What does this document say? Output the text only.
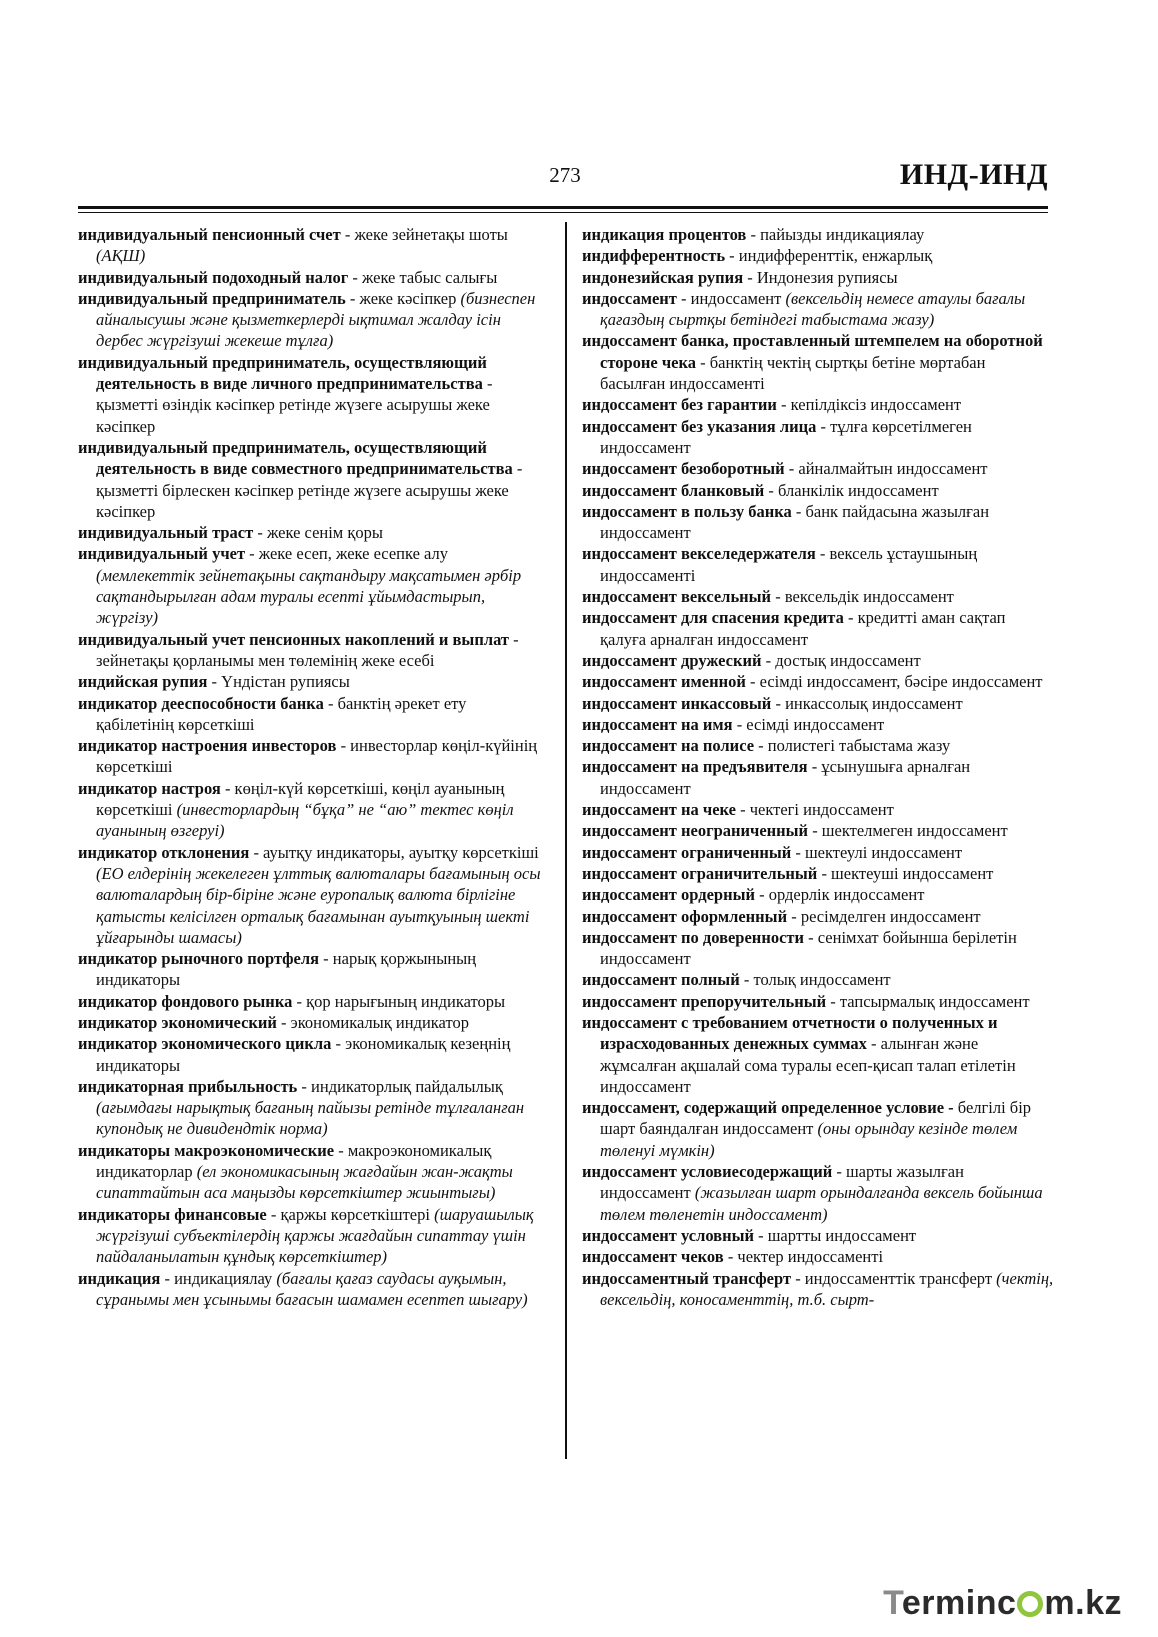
273	ИНД-ИНД

индивидуальный пенсионный счет - жеке зейнетақы шоты (АҚШ)

индивидуальный подоходный налог - жеке табыс салығы

индивидуальный предприниматель - жеке кәсіпкер (бизнеспен айналысушы және қызметкерлерді ықтимал жалдау ісін дербес жүргізуші жекеше тұлға)

индивидуальный предприниматель, осуществляющий деятельность в виде личного предпринимательства - қызметті өзіндік кәсіпкер ретінде жүзеге асырушы жеке кәсіпкер

индивидуальный предприниматель, осуществляющий деятельность в виде совместного предпринимательства - қызметті бірлескен кәсіпкер ретінде жүзеге асырушы жеке кәсіпкер

индивидуальный траст - жеке сенім қоры

индивидуальный учет - жеке есеп, жеке есепке алу (мемлекеттік зейнетақыны сақтандыру мақсатымен әрбір сақтандырылған адам туралы есепті ұйымдастырып, жүргізу)

индивидуальный учет пенсионных накоплений и выплат - зейнетақы қорланымы мен төлемінің жеке есебі

индийская рупия - Үндістан рупиясы

индикатор дееспособности банка - банктің әрекет ету қабілетінің көрсеткіші

индикатор настроения инвесторов - инвесторлар көңіл-күйінің көрсеткіші

индикатор настроя - көңіл-күй көрсеткіші, көңіл ауанының көрсеткіші (инвесторлардың “бұқа” не “аю” тектес көңіл ауанының өзгеруі)

индикатор отклонения - ауытқу индикаторы, ауытқу көрсеткіші (ЕО елдерінің жекелеген ұлттық валюталары бағамының осы валюталардың бір-біріне және еуропалық валюта бірлігіне қатысты келісілген орталық бағамынан ауытқуының шекті ұйғарынды шамасы)

индикатор рыночного портфеля - нарық қоржынының индикаторы

индикатор фондового рынка - қор нарығының индикаторы

индикатор экономический - экономикалық индикатор

индикатор экономического цикла - экономикалық кезеңнің индикаторы

индикаторная прибыльность - индикаторлық пайдалылық (ағымдағы нарықтық бағаның пайызы ретінде тұлғаланған купондық не дивидендтік норма)

индикаторы макроэкономические - макроэкономикалық индикаторлар (ел экономикасының жағдайын жан-жақты сипаттайтын аса маңызды көрсеткіштер жиынтығы)

индикаторы финансовые - қаржы көрсеткіштері (шаруашылық жүргізуші субъектілердің қаржы жағдайын сипаттау үшін пайдаланылатын құндық көрсеткіштер)

индикация - индикациялау (бағалы қағаз саудасы ауқымын, сұранымы мен ұсынымы бағасын шамамен есептеп шығару)

индикация процентов - пайызды индикациялау

индифферентность - индифференттік, енжарлық

индонезийская рупия - Индонезия рупиясы

индоссамент - индоссамент (вексельдің немесе атаулы бағалы қағаздың сыртқы бетіндегі табыстама жазу)

индоссамент банка, проставленный штемпелем на оборотной стороне чека - банктің чектің сыртқы бетіне мөртабан басылған индоссаменті

индоссамент без гарантии - кепілдіксіз индоссамент

индоссамент без указания лица - тұлға көрсетілмеген индоссамент

индоссамент безоборотный - айналмайтын индоссамент

индоссамент бланковый - бланкілік индоссамент

индоссамент в пользу банка - банк пайдасына жазылған индоссамент

индоссамент векселедержателя - вексель ұстаушының индоссаменті

индоссамент вексельный - вексельдік индоссамент

индоссамент для спасения кредита - кредитті аман сақтап қалуға арналған индоссамент

индоссамент дружеский - достық индоссамент

индоссамент именной - есімді индоссамент, бәсіре индоссамент

индоссамент инкассовый - инкассолық индоссамент

индоссамент на имя - есімді индоссамент

индоссамент на полисе - полистегі табыстама жазу

индоссамент на предъявителя - ұсынушыға арналған индоссамент

индоссамент на чеке - чектегі индоссамент

индоссамент неограниченный - шектелмеген индоссамент

индоссамент ограниченный - шектеулі индоссамент

индоссамент ограничительный - шектеуші индоссамент

индоссамент ордерный - ордерлік индоссамент

индоссамент оформленный - ресімделген индоссамент

индоссамент по доверенности - сенімхат бойынша берілетін индоссамент

индоссамент полный - толық индоссамент

индоссамент препоручительный - тапсырмалық индоссамент

индоссамент с требованием отчетности о полученных и израсходованных денежных суммах - алынған және жұмсалған ақшалай сома туралы есеп-қисап талап етілетін индоссамент

индоссамент, содержащий определенное условие - белгілі бір шарт баяндалған индоссамент (оны орындау кезінде төлем төленуі мүмкін)

индоссамент условиесодержащий - шарты жазылған индоссамент (жазылған шарт орындалғанда вексель бойынша төлем төленетін индоссамент)

индоссамент условный - шартты индоссамент

индоссамент чеков - чектер индоссаменті

индоссаментный трансферт - индоссаменттік трансферт (чектің, вексельдің, коносаменттің, т.б. сырт-

Terminc m.kz
